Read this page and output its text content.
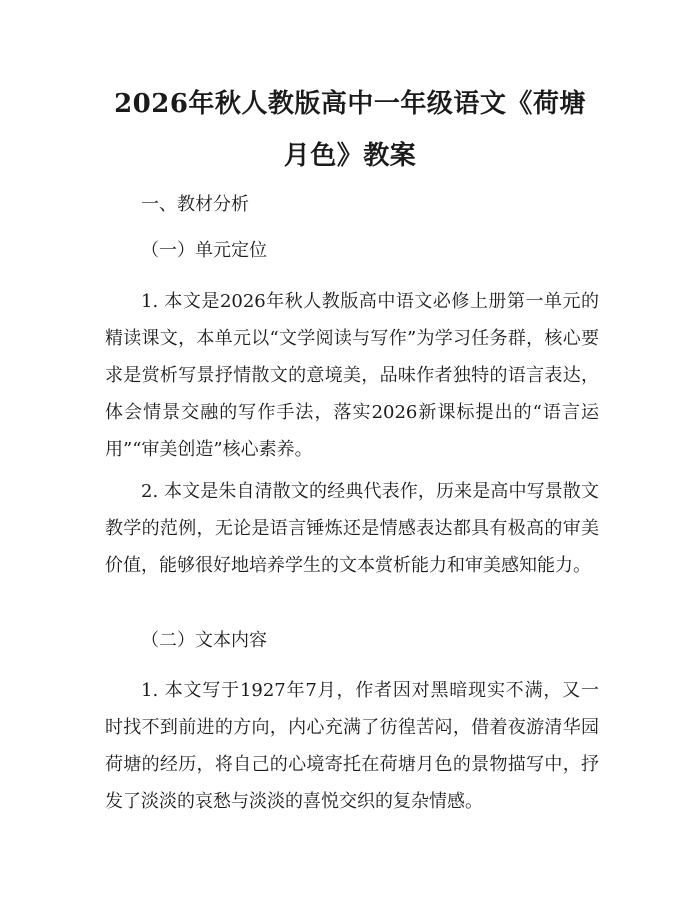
2026年秋人教版高中一年级语文《荷塘月色》教案

一、教材分析

（一）单元定位

1. 本文是2026年秋人教版高中语文必修上册第一单元的精读课文，本单元以“文学阅读与写作”为学习任务群，核心要求是赏析写景抒情散文的意境美，品味作者独特的语言表达，体会情景交融的写作手法，落实2026新课标提出的“语言运用”“审美创造”核心素养。

2. 本文是朱自清散文的经典代表作，历来是高中写景散文教学的范例，无论是语言锤炼还是情感表达都具有极高的审美价值，能够很好地培养学生的文本赏析能力和审美感知能力。

（二）文本内容

1. 本文写于1927年7月，作者因对黑暗现实不满，又一时找不到前进的方向，内心充满了彷徨苦闷，借着夜游清华园荷塘的经历，将自己的心境寄托在荷塘月色的景物描写中，抒发了淡淡的哀愁与淡淡的喜悦交织的复杂情感。
